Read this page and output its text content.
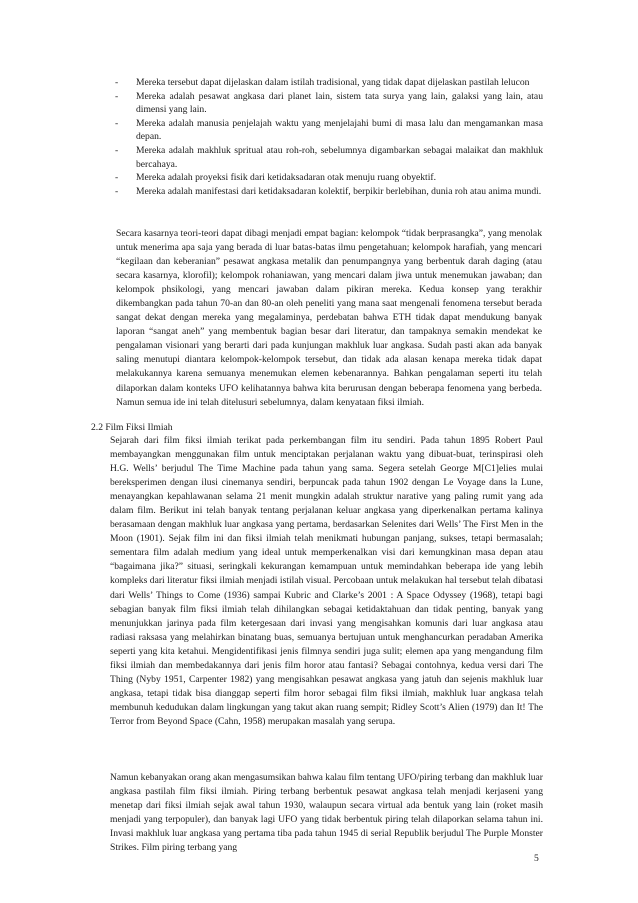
- Mereka tersebut dapat dijelaskan dalam istilah tradisional, yang tidak dapat dijelaskan pastilah lelucon
- Mereka adalah pesawat angkasa dari planet lain, sistem tata surya yang lain, galaksi yang lain, atau dimensi yang lain.
- Mereka adalah manusia penjelajah waktu yang menjelajahi bumi di masa lalu dan mengamankan masa depan.
- Mereka adalah makhluk spritual atau roh-roh, sebelumnya digambarkan sebagai malaikat dan makhluk bercahaya.
- Mereka adalah proyeksi fisik dari ketidaksadaran otak menuju ruang obyektif.
- Mereka adalah manifestasi dari ketidaksadaran kolektif, berpikir berlebihan, dunia roh atau anima mundi.

Secara kasarnya teori-teori dapat dibagi menjadi empat bagian: kelompok “tidak berprasangka”, yang menolak untuk menerima apa saja yang berada di luar batas-batas ilmu pengetahuan; kelompok harafiah, yang mencari “kegilaan dan keberanian” pesawat angkasa metalik dan penumpangnya yang berbentuk darah daging (atau secara kasarnya, klorofil); kelompok rohaniawan, yang mencari dalam jiwa untuk menemukan jawaban; dan kelompok phsikologi, yang mencari jawaban dalam pikiran mereka. Kedua konsep yang terakhir dikembangkan pada tahun 70-an dan 80-an oleh peneliti yang mana saat mengenali fenomena tersebut berada sangat dekat dengan mereka yang megalaminya, perdebatan bahwa ETH tidak dapat mendukung banyak laporan “sangat aneh” yang membentuk bagian besar dari literatur, dan tampaknya semakin mendekat ke pengalaman visionari yang berarti dari pada kunjungan makhluk luar angkasa. Sudah pasti akan ada banyak saling menutupi diantara kelompok-kelompok tersebut, dan tidak ada alasan kenapa mereka tidak dapat melakukannya karena semuanya menemukan elemen kebenarannya. Bahkan pengalaman seperti itu telah dilaporkan dalam konteks UFO kelihatannya bahwa kita berurusan dengan beberapa fenomena yang berbeda. Namun semua ide ini telah ditelusuri sebelumnya, dalam kenyataan fiksi ilmiah.

2.2 Film Fiksi Ilmiah

Sejarah dari film fiksi ilmiah terikat pada perkembangan film itu sendiri. Pada tahun 1895 Robert Paul membayangkan menggunakan film untuk menciptakan perjalanan waktu yang dibuat-buat, terinspirasi oleh H.G. Wells’ berjudul The Time Machine pada tahun yang sama. Segera setelah George M[C1]elies mulai bereksperimen dengan ilusi cinemanya sendiri, berpuncak pada tahun 1902 dengan Le Voyage dans la Lune, menayangkan kepahlawanan selama 21 menit mungkin adalah struktur narative yang paling rumit yang ada dalam film. Berikut ini telah banyak tentang perjalanan keluar angkasa yang diperkenalkan pertama kalinya berasamaan dengan makhluk luar angkasa yang pertama, berdasarkan Selenites dari Wells’ The First Men in the Moon (1901). Sejak film ini dan fiksi ilmiah telah menikmati hubungan panjang, sukses, tetapi bermasalah; sementara film adalah medium yang ideal untuk memperkenalkan visi dari kemungkinan masa depan atau “bagaimana jika?” situasi, seringkali kekurangan kemampuan untuk memindahkan beberapa ide yang lebih kompleks dari literatur fiksi ilmiah menjadi istilah visual. Percobaan untuk melakukan hal tersebut telah dibatasi dari Wells’ Things to Come (1936) sampai Kubric and Clarke’s 2001 : A Space Odyssey (1968), tetapi bagi sebagian banyak film fiksi ilmiah telah dihilangkan sebagai ketidaktahuan dan tidak penting, banyak yang menunjukkan jarinya pada film ketergesaan dari invasi yang mengisahkan komunis dari luar angkasa atau radiasi raksasa yang melahirkan binatang buas, semuanya bertujuan untuk menghancurkan peradaban Amerika seperti yang kita ketahui. Mengidentifikasi jenis filmnya sendiri juga sulit; elemen apa yang mengandung film fiksi ilmiah dan membedakannya dari jenis film horor atau fantasi? Sebagai contohnya, kedua versi dari The Thing (Nyby 1951, Carpenter 1982) yang mengisahkan pesawat angkasa yang jatuh dan sejenis makhluk luar angkasa, tetapi tidak bisa dianggap seperti film horor sebagai film fiksi ilmiah, makhluk luar angkasa telah membunuh kedudukan dalam lingkungan yang takut akan ruang sempit; Ridley Scott’s Alien (1979) dan It! The Terror from Beyond Space (Cahn, 1958) merupakan masalah yang serupa.

Namun kebanyakan orang akan mengasumsikan bahwa kalau film tentang UFO/piring terbang dan makhluk luar angkasa pastilah film fiksi ilmiah. Piring terbang berbentuk pesawat angkasa telah menjadi kerjaseni yang menetap dari fiksi ilmiah sejak awal tahun 1930, walaupun secara virtual ada bentuk yang lain (roket masih menjadi yang terpopuler), dan banyak lagi UFO yang tidak berbentuk piring telah dilaporkan selama tahun ini. Invasi makhluk luar angkasa yang pertama tiba pada tahun 1945 di serial Republik berjudul The Purple Monster Strikes. Film piring terbang yang

5
